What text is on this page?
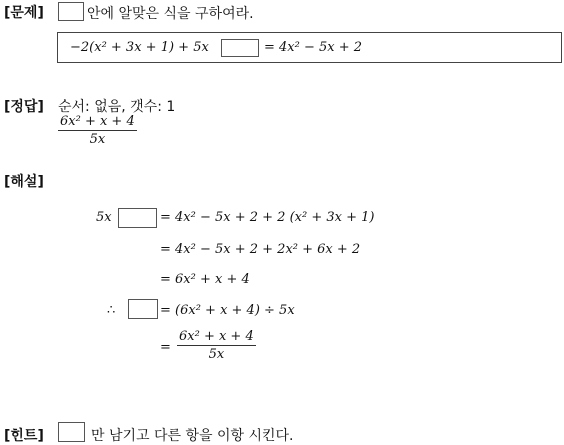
[문제]	안에 알맞은 식을 구하여라.
−2(x² + 3x + 1) + 5x	= 4x² − 5x + 2
[정답] 순서: 없음, 갯수: 1
$\frac{\text{6x² + x + 4}}{5x}$
[해설]
5x	= 4x² − 5x + 2 + 2 (x² + 3x + 1)
= 4x² − 5x + 2 + 2x² + 6x + 2
= 6x² + x + 4
∴	= (6x² + x + 4) ÷ 5x
= $\frac{\text{6x² + x + 4}}{5x}$
[힌트]	만 남기고 다른 항을 이항 시킨다.
